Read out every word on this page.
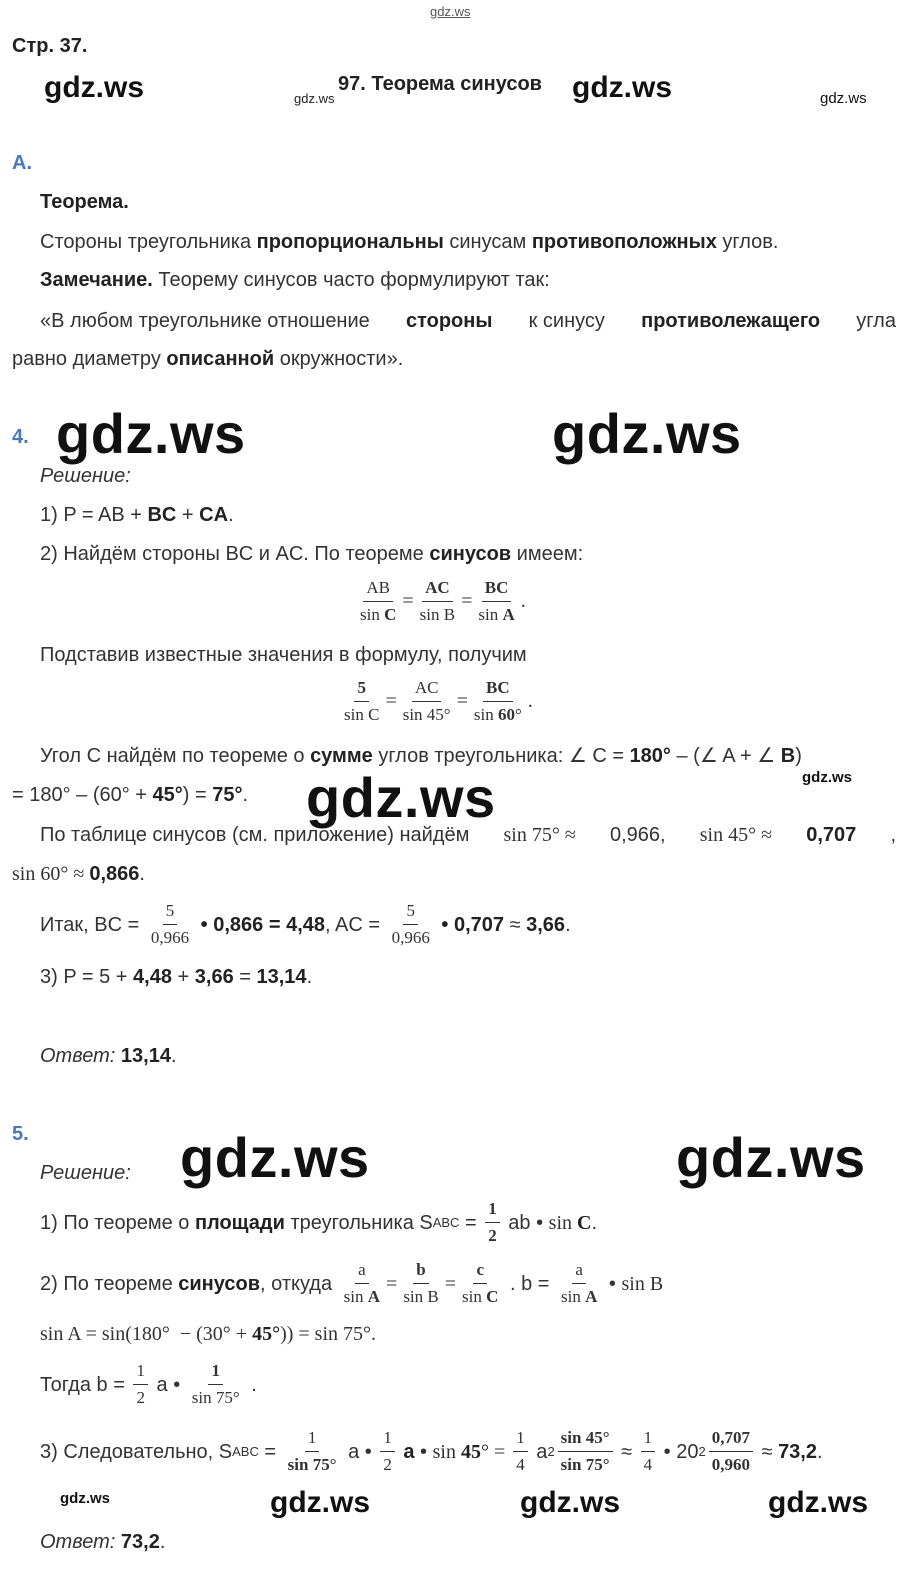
gdz.ws
Стр. 37.
gdz.ws	gdz.ws
97. Теорема синусов gdz.ws	gdz.ws
А.
Теорема.
Стороны треугольника пропорциональны синусам противоположных углов.
Замечание. Теорему синусов часто формулируют так:
«В любом треугольнике отношение стороны к синусу противолежащего угла
равно диаметру описанной окружности».
4. gdz.ws	gdz.ws
Решение:
1) P = AB + BC + CA.
2) Найдём стороны BC и AC. По теореме синусов имеем:
$\frac{AB}{\text{sin C}} = \frac{AC}{\text{sin B}} = \frac{BC}{\text{sin A}}$ .
Подставив известные значения в формулу, получим
$\frac{5}{\text{sin C}} = \frac{AC}{\sin 45^\circ} = \frac{BC}{\sin 60^\circ}$ .
Угол С найдём по теореме о сумме углов треугольника: ∠ C = 180° – (∠ A + ∠ B)
gdz.ws
= 180° – (60° + 45°) = 75°. gdz.ws
По таблице синусов (см. приложение) найдём sin 75° ≈ 0,966, sin 45° ≈ 0,707 ,
sin 60° ≈ 0,866.
Итак, BC = $\frac{5}{0,966}$ • 0,866 = 4,48 , AC = $\frac{5}{0,966}$ • 0,707 ≈ 3,66 .
3) P = 5 + 4,48 + 3,66 = 13,14.
Ответ: 13,14.
5.	gdz.ws	gdz.ws
Решение:
1) По теореме о площади треугольника S ABC = $\frac{1}{2}$ ab • sin C .
2) По теореме синусов , откуда $\frac{a}{\text{sin A}} = \frac{b}{\text{sin B}} = \frac{c}{\text{sin C}}$ . $b = \frac{a}{\text{sin A}}$ • sin B
sin A = sin(180°  − (30° + 45°)) = sin 75°.
Тогда $b = \frac{1}{2}$ a • $\frac{1}{\sin 75^\circ}$ .
3) Следовательно, S ABC = $\frac{1}{\sin 75^\circ}$ a • $\frac{1}{2}$ a • sin 45 ° = $\frac{1}{4}$ a $2 \frac{\sin 45^\circ}{\sin 75^\circ} \approx \frac{1}{4}$ • 20 $2 \frac{0,707}{0,960} \approx 73,2$ .
gdz.ws	gdz.ws	gdz.ws	gdz.ws
Ответ: 73,2.
